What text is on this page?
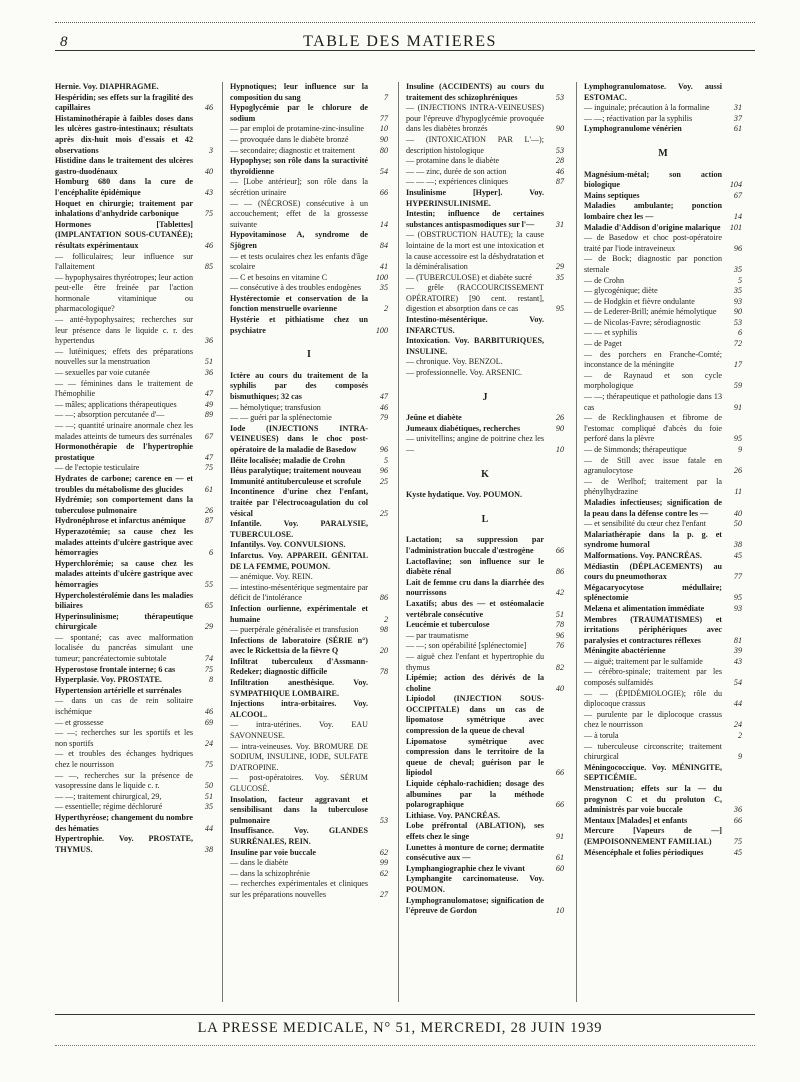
8	TABLE DES MATIERES
Hernie. Voy. DIAPHRAGME.
Hespéridin; ses effets sur la fragilité des capillaires	46
Histaminothérapie à faibles doses dans les ulcères gastro-intestinaux; résultats après dix-huit mois d'essais et 42 observations	3
Histidine dans le traitement des ulcères gastro-duodénaux	40
Homburg 680 dans la cure de l'encéphalite épidémique	43
Hoquet en chirurgie; traitement par inhalations d'anhydride carbonique	75
Hormones [Tablettes] (IMPLANTATION SOUS-CUTANÉE); résultats expérimentaux	46
— folliculaires; leur influence sur l'allaitement	85
— hypophysaires thyréotropes; leur action peut-elle être freinée par l'action hormonale vitaminique ou pharmacologique?
— anté-hypophysaires; recherches sur leur présence dans le liquide c. r. des hypertendus	36
— lutéiniques; effets des préparations nouvelles sur la menstruation	51
— sexuelles par voie cutanée	36
— — féminines dans le traitement de l'hémophilie	47
— mâles; applications thérapeutiques	49
— —; absorption percutanée d'—	89
— —; quantité urinaire anormale chez les malades atteints de tumeurs des surrénales 67
Hormonothérapie de l'hypertrophie prostatique	47
— de l'ectopie testiculaire	75
Hydrates de carbone; carence en — et troubles du métabolisme des glucides	61
Hydrémie; son comportement dans la tuberculose pulmonaire	26
Hydronéphrose et infarctus anémique 87
Hyperazotémie; sa cause chez les malades atteints d'ulcère gastrique avec hémorragies	6
Hyperchlorémie; sa cause chez les malades atteints d'ulcère gastrique avec hémorragies	55
Hypercholestérolémie dans les maladies biliaires	65
Hyperinsulinisme; thérapeutique chirurgicale	29
— spontané; cas avec malformation localisée du pancréas simulant une tumeur; pancréatectomie subtotale	74
Hyperostose frontale interne; 6 cas	75
Hyperplasie. Voy. PROSTATE.	8
Hypertension artérielle et surrénales
— dans un cas de rein solitaire ischémique	46
— et grossesse	69
— —; recherches sur les sportifs et les non sportifs	24
— et troubles des échanges hydriques chez le nourrisson	75
— —, recherches sur la présence de vasopressine dans le liquide c. r.	50
— —; traitement chirurgical, 29,	51
— essentielle; régime déchloruré	35
Hyperthyréose; changement du nombre des hématies	44
Hypertrophie. Voy. PROSTATE, THYMUS.	38
Hypnotiques; leur influence sur la composition du sang	7
Hypoglycémie par le chlorure de sodium	77
— par emploi de protamine-zinc-insuline 10
— provoquée dans le diabète bronzé	90
— secondaire; diagnostic et traitement	80
Hypophyse; son rôle dans la suractivité thyroïdienne	54
— [Lobe antérieur]; son rôle dans la sécrétion urinaire	66
— — (NÉCROSE) consécutive à un accouchement; effet de la grossesse suivante	14
Hypovitaminose A, syndrome de Sjögren	84
— et tests oculaires chez les enfants d'âge scolaire	41
— C et besoins en vitamine C	100
— consécutive à des troubles endogènes 35
Hystérectomie et conservation de la fonction menstruelle ovarienne	2
Hystérie et pithiatisme chez un psychiatre	100
I
Ictère au cours du traitement de la syphilis par des composés bismuthiques; 32 cas	47
— hémolytique; transfusion	46
— — guéri par la splénectomie	79
Iode (INJECTIONS INTRA-VEINEUSES) dans le choc post-opératoire de la maladie de Basedow	96
Iléite localisée; maladie de Crohn	5
Iléus paralytique; traitement nouveau 96
Immunité antituberculeuse et scrofule 25
Incontinence d'urine chez l'enfant, traitée par l'électrocoagulation du col vésical	25
Infantile. Voy. PARALYSIE, TUBERCULOSE.
Infantilys. Voy. CONVULSIONS.
Infarctus. Voy. APPAREIL GÉNITAL DE LA FEMME, POUMON.
— anémique. Voy. REIN.
— intestino-mésentérique segmentaire par déficit de l'intolérance	86
Infection ourlienne, expérimentale et humaine	2
— puerpérale généralisée et transfusion	98
Infections de laboratoire (SÉRIE n°) avec le Rickettsia de la fièvre Q	20
Infiltrat tuberculeux d'Assmann-Redeker; diagnostic difficile	78
Infiltration anesthésique. Voy. SYMPATHIQUE LOMBAIRE.
Injections intra-orbitaires. Voy. ALCOOL.
— intra-utérines. Voy. EAU SAVONNEUSE.
— intra-veineuses. Voy. BROMURE DE SODIUM, INSULINE, IODE, SULFATE D'ATROPINE.
— post-opératoires. Voy. SÉRUM GLUCOSÉ.
Insolation, facteur aggravant et sensibilisant dans la tuberculose pulmonaire	53
Insuffisance. Voy. GLANDES SURRÉNALES, REIN.
Insuline par voie buccale	62
— dans le diabète	99
— dans la schizophrénie	62
— recherches expérimentales et cliniques sur les préparations nouvelles	27
Insuline (ACCIDENTS) au cours du traitement des schizophréniques	53
— (INJECTIONS INTRA-VEINEUSES) pour l'épreuve d'hypoglycémie provoquée dans les diabètes bronzés	90
— (INTOXICATION PAR L'—); description histologique	53
— protamine dans le diabète	28
— — zinc, durée de son action	46
— — —; expériences cliniques	87
Insulinisme [Hyper]. Voy. HYPERINSULINISME.
Intestin; influence de certaines substances antispasmodiques sur l'—	31
— (OBSTRUCTION HAUTE); la cause lointaine de la mort est une intoxication et la cause accessoire est la déshydratation et la déminéralisation	29
— (TUBERCULOSE) et diabète sucré	35
— grêle (RACCOURCISSEMENT OPÉRATOIRE) [90 cent. restant], digestion et absorption dans ce cas	95
Intestino-mésentérique. Voy. INFARCTUS.
Intoxication. Voy. BARBITURIQUES, INSULINE.
— chronique. Voy. BENZOL.
— professionnelle. Voy. ARSENIC.
J
Jeûne et diabète	26
Jumeaux diabétiques, recherches	90
— univitellins; angine de poitrine chez les —	10
K
Kyste hydatique. Voy. POUMON.
L
Lactation; sa suppression par l'administration buccale d'œstrogène	66
Lactoflavine; son influence sur le diabète rénal	86
Lait de femme cru dans la diarrhée des nourrissons	42
Laxatifs; abus des — et ostéomalacie vertébrale consécutive	51
Leucémie et tuberculose	78
— par traumatisme	96
— —; son opérabilité [splénectomie]	76
— aiguë chez l'enfant et hypertrophie du thymus	82
Lipémie; action des dérivés de la choline	40
Lipiodol (INJECTION SOUS-OCCIPITALE) dans un cas de lipomatose symétrique avec compression de la queue de cheval
Lipomatose symétrique avec compression dans le territoire de la queue de cheval; guérison par le lipiodol	66
Liquide céphalo-rachidien; dosage des albumines par la méthode polarographique	66
Lithiase. Voy. PANCRÉAS.
Lobe préfrontal (ABLATION), ses effets chez le singe	91
Lunettes à monture de corne; dermatite consécutive aux —	61
Lymphangiographie chez le vivant	60
Lymphangite carcinomateuse. Voy. POUMON.
Lymphogranulomatose; signification de l'épreuve de Gordon	10
Lymphogranulomatose. Voy. aussi ESTOMAC.
— inguinale; précaution à la formaline	31
— —; réactivation par la syphilis	37
Lymphogranulome vénérien	61
M
Magnésium-métal; son action biologique	104
Mains septiques	67
Maladies ambulante; ponction lombaire chez les —	14
Maladie d'Addison d'origine malarique 101
— de Basedow et choc post-opératoire traité par l'iode intraveineux	96
— de Bock; diagnostic par ponction sternale	35
— de Crohn	5
— glycogénique; diète	35
— de Hodgkin et fièvre ondulante	93
— de Lederer-Brill; anémie hémolytique 90
— de Nicolas-Favre; sérodiagnostic	53
— — et syphilis	6
— de Paget	72
— des porchers en Franche-Comté; inconstance de la méningite	17
— de Raynaud et son cycle morphologique	59
— —; thérapeutique et pathologie dans 13 cas	91
— de Recklinghausen et fibrome de l'estomac compliqué d'abcès du foie perforé dans la plèvre	95
— de Simmonds; thérapeutique	9
— de Still avec issue fatale en agranulocytose	26
— de Werlhof; traitement par la phénylhydrazine	11
Maladies infectieuses; signification de la peau dans la défense contre les —	40
— et sensibilité du cœur chez l'enfant	50
Malariathérapie dans la p. g. et syndrome humoral	38
Malformations. Voy. PANCRÉAS.	45
Médiastin (DÉPLACEMENTS) au cours du pneumothorax	77
Mégacaryocytose médullaire; splénectomie	95
Melæna et alimentation immédiate	93
Membres (TRAUMATISMES) et irritations périphériques avec paralysies et contractures réflexes	81
Méningite abactérienne	39
— aiguë; traitement par le sulfamide	43
— cérébro-spinale; traitement par les composés sulfamidés	54
— — (ÉPIDÉMIOLOGIE); rôle du diplocoque crassus	44
— purulente par le diplocoque crassus chez le nourrisson	24
— à torula	2
— tuberculeuse circonscrite; traitement chirurgical	9
Méningococcique. Voy. MÉNINGITE, SEPTICÉMIE.
Menstruation; effets sur la — du progynon C et du proluton C, administrés par voie buccale	36
Mentaux [Malades] et enfants	66
Mercure [Vapeurs de —] (EMPOISONNEMENT FAMILIAL)	75
Mésencéphale et folies périodiques	45
LA PRESSE MEDICALE, N° 51, MERCREDI, 28 JUIN 1939
